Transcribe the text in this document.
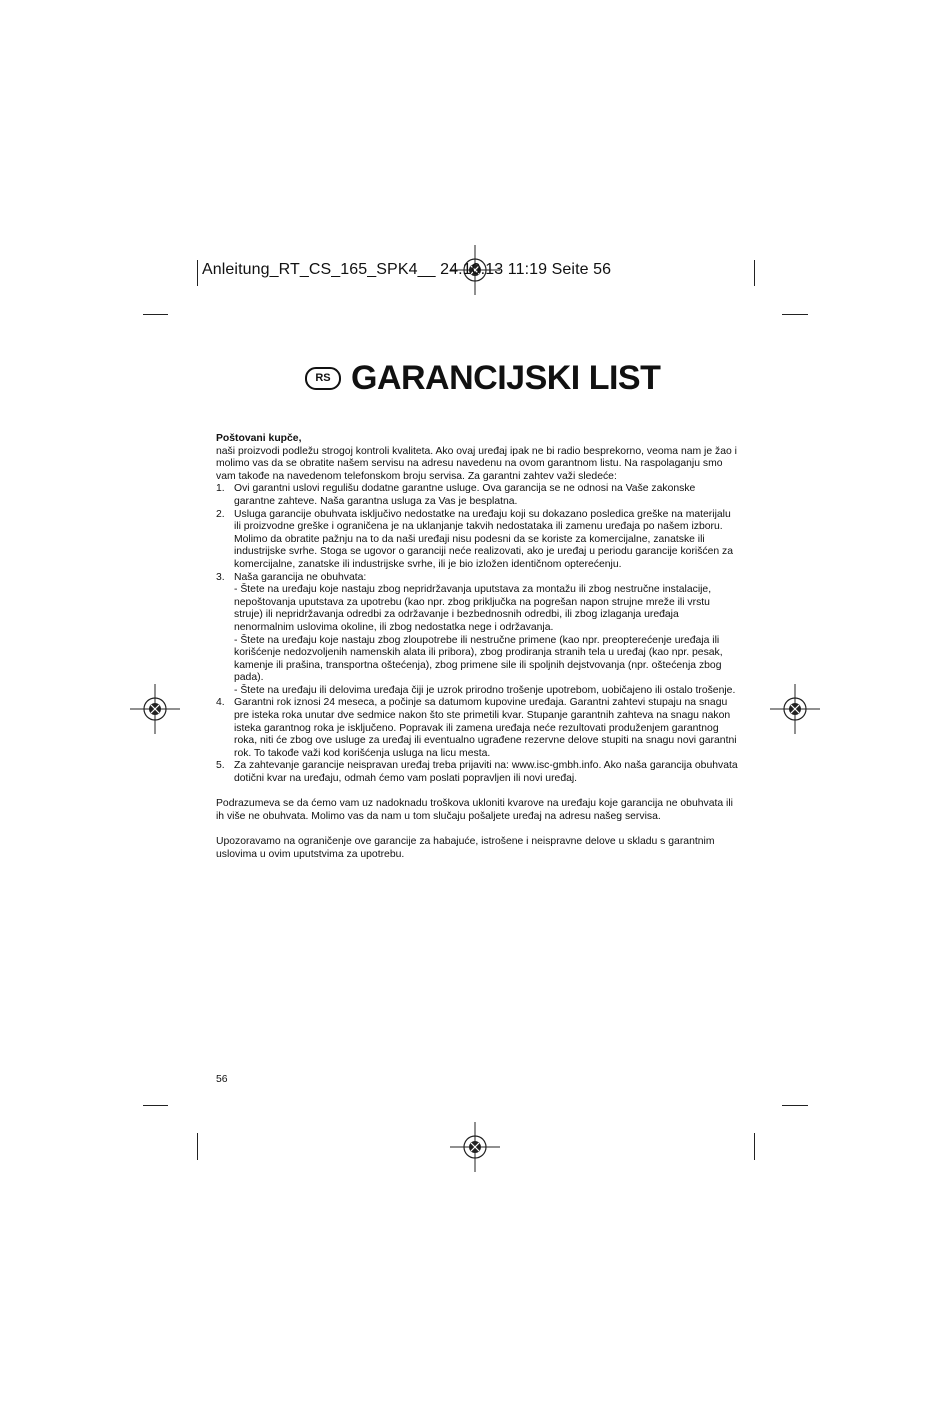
Anleitung_RT_CS_165_SPK4__ 24.10.13 11:19 Seite 56
RS GARANCIJSKI LIST

Poštovani kupče,

naši proizvodi podležu strogoj kontroli kvaliteta. Ako ovaj uređaj ipak ne bi radio besprekorno, veoma nam je žao i molimo vas da se obratite našem servisu na adresu navedenu na ovom garantnom listu. Na raspolaganju smo vam takođe na navedenom telefonskom broju servisa. Za garantni zahtev važi sledeće:

1. Ovi garantni uslovi regulišu dodatne garantne usluge. Ova garancija se ne odnosi na Vaše zakonske garantne zahteve. Naša garantna usluga za Vas je besplatna.
2. Usluga garancije obuhvata isključivo nedostatke na uređaju koji su dokazano posledica greške na materijalu ili proizvodne greške i ograničena je na uklanjanje takvih nedostataka ili zamenu uređaja po našem izboru. Molimo da obratite pažnju na to da naši uređaji nisu podesni da se koriste za komercijalne, zanatske ili industrijske svrhe. Stoga se ugovor o garanciji neće realizovati, ako je uređaj u periodu garancije korišćen za komercijalne, zanatske ili industrijske svrhe, ili je bio izložen identičnom opterećenju.
3. Naša garancija ne obuhvata:
- Štete na uređaju koje nastaju zbog nepridržavanja uputstava za montažu ili zbog nestručne instalacije, nepoštovanja uputstava za upotrebu (kao npr. zbog priključka na pogrešan napon strujne mreže ili vrstu struje) ili nepridržavanja odredbi za održavanje i bezbednosnih odredbi, ili zbog izlaganja uređaja nenormalnim uslovima okoline, ili zbog nedostatka nege i održavanja.
- Štete na uređaju koje nastaju zbog zloupotrebe ili nestručne primene (kao npr. preopterećenje uređaja ili korišćenje nedozvoljenih namenskih alata ili pribora), zbog prodiranja stranih tela u uređaj (kao npr. pesak, kamenje ili prašina, transportna oštećenja), zbog primene sile ili spoljnih dejstvovanja (npr. oštećenja zbog pada).
- Štete na uređaju ili delovima uređaja čiji je uzrok prirodno trošenje upotrebom, uobičajeno ili ostalo trošenje.
4. Garantni rok iznosi 24 meseca, a počinje sa datumom kupovine uređaja. Garantni zahtevi stupaju na snagu pre isteka roka unutar dve sedmice nakon što ste primetili kvar. Stupanje garantnih zahteva na snagu nakon isteka garantnog roka je isključeno. Popravak ili zamena uređaja neće rezultovati produženjem garantnog roka, niti će zbog ove usluge za uređaj ili eventualno ugrađene rezervne delove stupiti na snagu novi garantni rok. To takođe važi kod korišćenja usluga na licu mesta.
5. Za zahtevanje garancije neispravan uređaj treba prijaviti na: www.isc-gmbh.info. Ako naša garancija obuhvata dotični kvar na uređaju, odmah ćemo vam poslati popravljen ili novi uređaj.

Podrazumeva se da ćemo vam uz nadoknadu troškova ukloniti kvarove na uređaju koje garancija ne obuhvata ili ih više ne obuhvata. Molimo vas da nam u tom slučaju pošaljete uređaj na adresu našeg servisa.

Upozoravamo na ograničenje ove garancije za habajuće, istrošene i neispravne delove u skladu s garantnim uslovima u ovim uputstvima za upotrebu.

56
